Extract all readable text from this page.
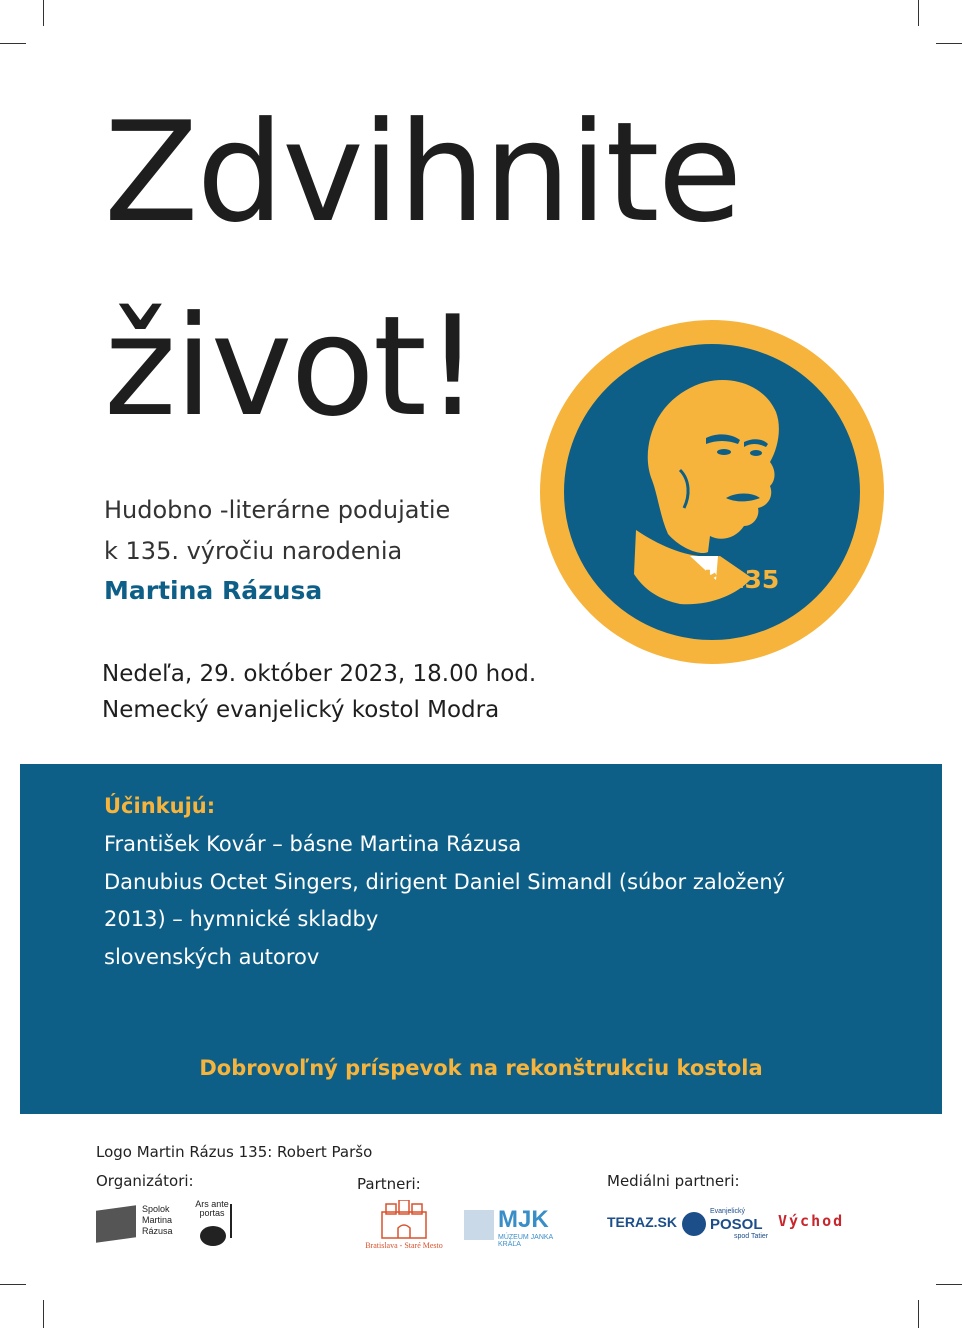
Zdvihnite
život!

Hudobno -literárne podujatie

k 135. výročiu narodenia

Martina Rázusa

Nedeľa, 29. október 2023, 18.00 hod.

Nemecký evanjelický kostol Modra

MR ✱ 135

Účinkujú:

František Kovár – básne Martina Rázusa

Danubius Octet Singers, dirigent Daniel Simandl (súbor založený

2013) – hymnické skladby

slovenských autorov

Dobrovoľný príspevok na rekonštrukciu kostola

Logo Martin Rázus 135: Robert Paršo

Organizátori:	Partneri:	Mediálni partneri:

Spolok Martina Rázusa
Ars ante portas
Bratislava - Staré Mesto
MJK
MÚZEUM JANKA KRÁĽA
TERAZ.SK
Evanjelický
POSOL
spod Tatier
Východ
